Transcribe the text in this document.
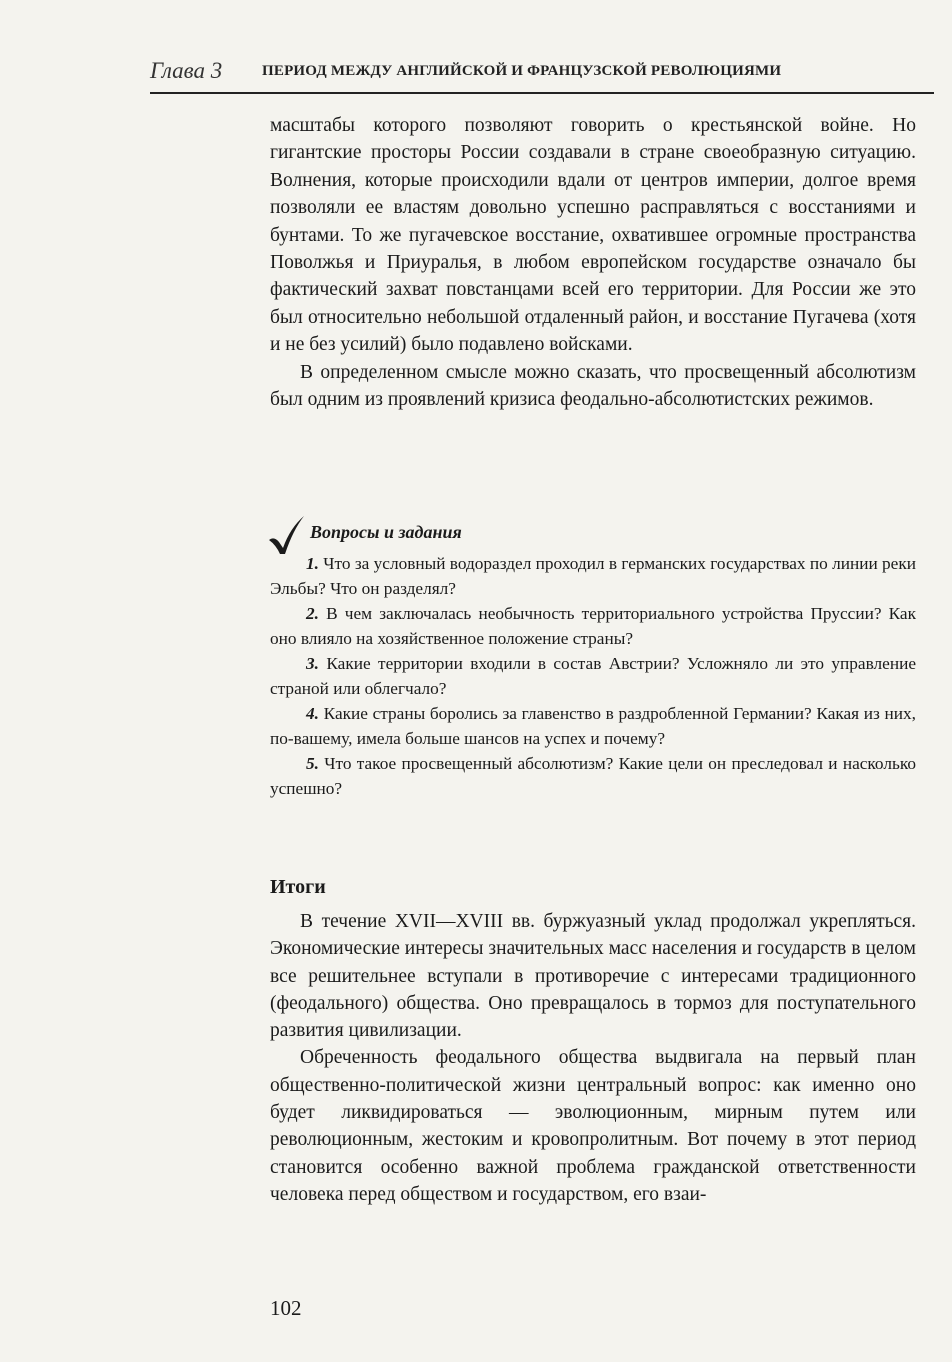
Глава 3	ПЕРИОД МЕЖДУ АНГЛИЙСКОЙ И ФРАНЦУЗСКОЙ РЕВОЛЮЦИЯМИ

масштабы которого позволяют говорить о крестьянской войне. Но гигантские просторы России создавали в стране своеобразную ситуацию. Волнения, которые происходили вдали от центров империи, долгое время позволяли ее властям довольно успешно расправляться с восстаниями и бунтами. То же пугачевское восстание, охватившее огромные пространства Поволжья и Приуралья, в любом европейском государстве означало бы фактический захват повстанцами всей его территории. Для России же это был относительно небольшой отдаленный район, и восстание Пугачева (хотя и не без усилий) было подавлено войсками.

В определенном смысле можно сказать, что просвещенный абсолютизм был одним из проявлений кризиса феодально-абсолютистских режимов.

Вопросы и задания

1. Что за условный водораздел проходил в германских государствах по линии реки Эльбы? Что он разделял?

2. В чем заключалась необычность территориального устройства Пруссии? Как оно влияло на хозяйственное положение страны?

3. Какие территории входили в состав Австрии? Усложняло ли это управление страной или облегчало?

4. Какие страны боролись за главенство в раздробленной Германии? Какая из них, по-вашему, имела больше шансов на успех и почему?

5. Что такое просвещенный абсолютизм? Какие цели он преследовал и насколько успешно?

Итоги

В течение XVII—XVIII вв. буржуазный уклад продолжал укрепляться. Экономические интересы значительных масс населения и государств в целом все решительнее вступали в противоречие с интересами традиционного (феодального) общества. Оно превращалось в тормоз для поступательного развития цивилизации.

Обреченность феодального общества выдвигала на первый план общественно-политической жизни центральный вопрос: как именно оно будет ликвидироваться — эволюционным, мирным путем или революционным, жестоким и кровопролитным. Вот почему в этот период становится особенно важной проблема гражданской ответственности человека перед обществом и государством, его взаи-

102
